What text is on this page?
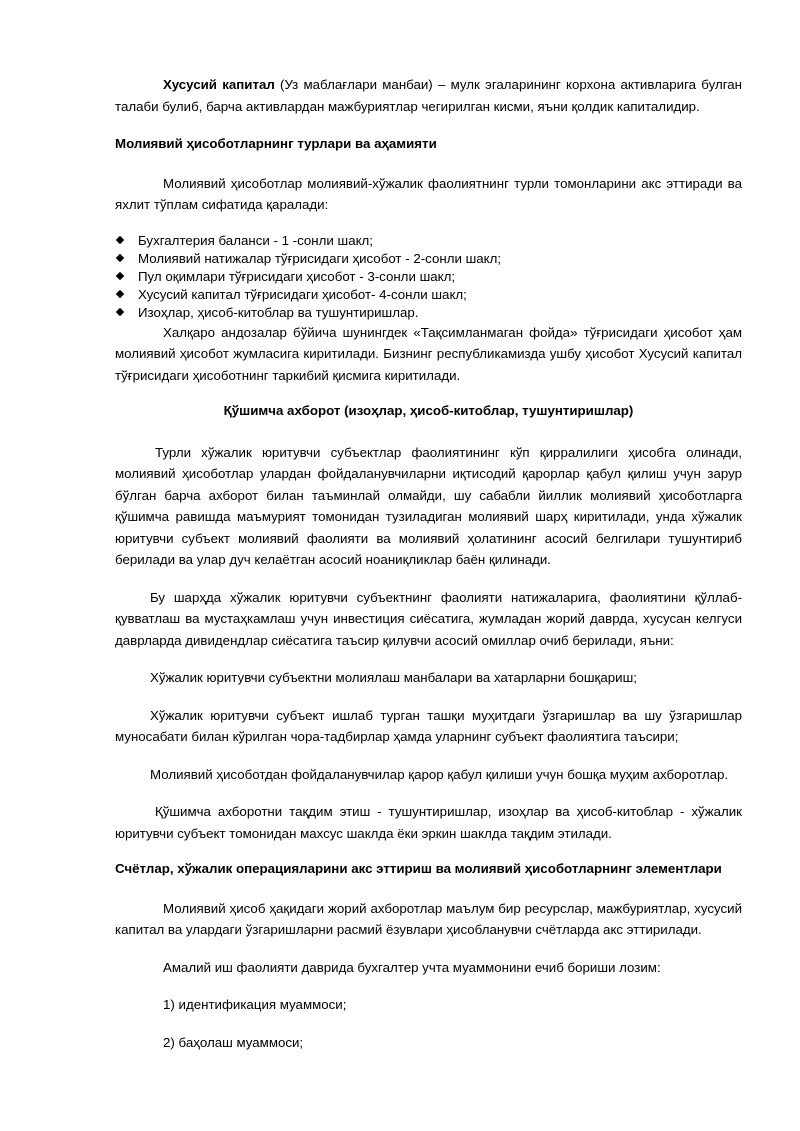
Хусусий капитал (Уз маблағлари манбаи) – мулк эгаларининг корхона активларига булган талаби булиб, барча активлардан мажбуриятлар чегирилган кисми, яъни қолдик капиталидир.

Молиявий ҳисоботларнинг турлари ва аҳамияти

Молиявий ҳисоботлар молиявий-хўжалик фаолиятнинг турли томонларини акс эттиради ва яхлит тўплам сифатида қаралади:

Бухгалтерия баланси - 1 -сонли шакл;
Молиявий натижалар тўғрисидаги ҳисобот - 2-сонли шакл;
Пул оқимлари тўғрисидаги ҳисобот - 3-сонли шакл;
Хусусий капитал тўғрисидаги ҳисобот- 4-сонли шакл;
Изоҳлар, ҳисоб-китоблар ва тушунтиришлар.

Халқаро андозалар бўйича шунингдек «Тақсимланмаган фойда» тўғрисидаги ҳисобот ҳам молиявий ҳисобот жумласига киритилади. Бизнинг республикамизда ушбу ҳисобот Хусусий капитал тўғрисидаги ҳисоботнинг таркибий қисмига киритилади.

Қўшимча ахборот (изоҳлар, ҳисоб-китоблар, тушунтиришлар)

Турли хўжалик юритувчи субъектлар фаолиятининг кўп қирралилиги ҳисобга олинади, молиявий ҳисоботлар улардан фойдаланувчиларни иқтисодий қарорлар қабул қилиш учун зарур бўлган барча ахборот билан таъминлай олмайди, шу сабабли йиллик молиявий ҳисоботларга қўшимча равишда маъмурият томонидан тузиладиган молиявий шарҳ киритилади, унда хўжалик юритувчи субъект молиявий фаолияти ва молиявий ҳолатининг асосий белгилари тушунтириб берилади ва улар дуч келаётган асосий ноаниқликлар баён қилинади.

Бу шарҳда хўжалик юритувчи субъектнинг фаолияти натижаларига, фаолиятини қўллаб-қувватлаш ва мустаҳкамлаш учун инвестиция сиёсатига, жумладан жорий даврда, хусусан келгуси даврларда дивидендлар сиёсатига таъсир қилувчи асосий омиллар очиб берилади, яъни:

Хўжалик юритувчи субъектни молиялаш манбалари ва хатарларни бошқариш;

Хўжалик юритувчи субъект ишлаб турган ташқи муҳитдаги ўзгаришлар ва шу ўзгаришлар муносабати билан кўрилган чора-тадбирлар ҳамда уларнинг субъект фаолиятига таъсири;

Молиявий ҳисоботдан фойдаланувчилар қарор қабул қилиши учун бошқа муҳим ахборотлар.

Қўшимча ахборотни тақдим этиш - тушунтиришлар, изоҳлар ва ҳисоб-китоблар - хўжалик юритувчи субъект томонидан махсус шаклда ёки эркин шаклда тақдим этилади.

Счётлар, хўжалик операцияларини акс эттириш ва молиявий ҳисоботларнинг элементлари

Молиявий ҳисоб ҳақидаги жорий ахборотлар маълум бир ресурслар, мажбуриятлар, хусусий капитал ва улардаги ўзгаришларни расмий ёзувлари ҳисобланувчи счётларда акс эттирилади.

Амалий иш фаолияти даврида бухгалтер учта муаммонини ечиб бориши лозим:

1) идентификация муаммоси;

2) баҳолаш муаммоси;
